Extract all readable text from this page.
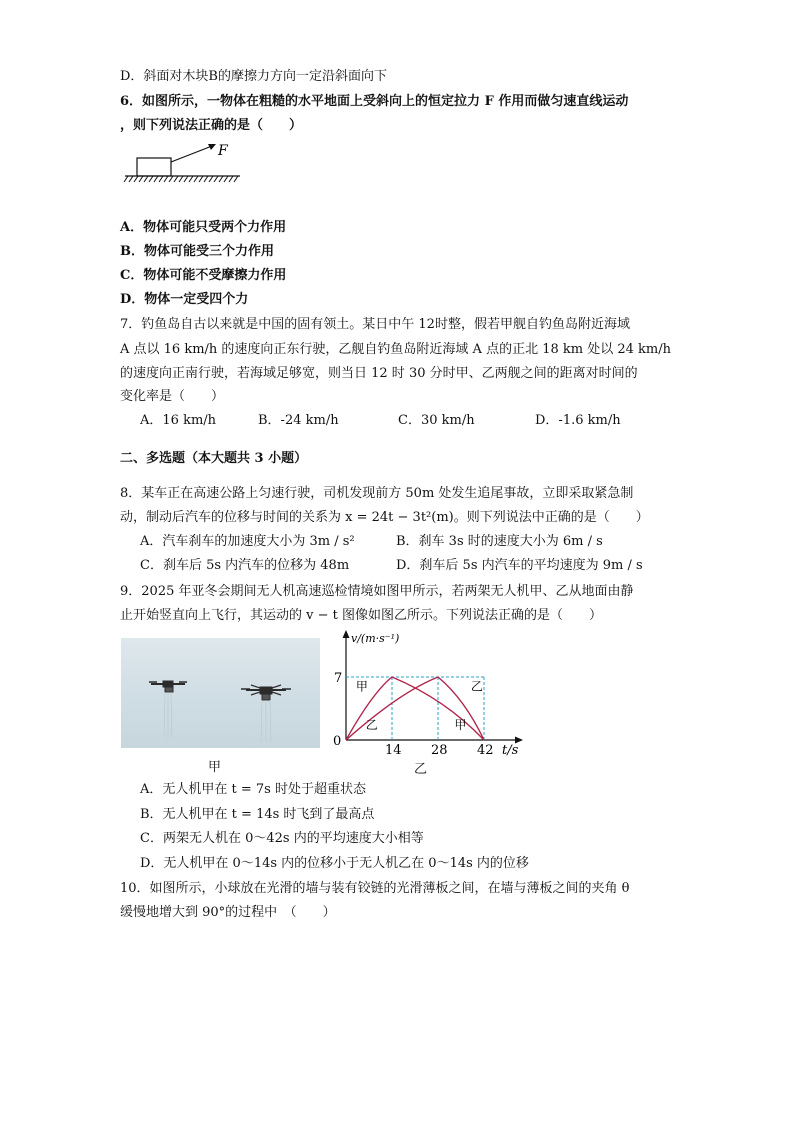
D．斜面对木块B的摩擦力方向一定沿斜面向下
6．如图所示，一物体在粗糙的水平地面上受斜向上的恒定拉力 F 作用而做匀速直线运动
，则下列说法正确的是（　　）
F
A．物体可能只受两个力作用
B．物体可能受三个力作用
C．物体可能不受摩擦力作用
D．物体一定受四个力
7．钓鱼岛自古以来就是中国的固有领土。某日中午 12时整，假若甲舰自钓鱼岛附近海域
A 点以 16 km/h 的速度向正东行驶，乙舰自钓鱼岛附近海域 A 点的正北 18 km 处以 24 km/h
的速度向正南行驶，若海域足够宽，则当日 12 时 30 分时甲、乙两舰之间的距离对时间的
变化率是（　　）
A．16 km/h	B．-24 km/h	C．30 km/h	D．-1.6 km/h
二、多选题（本大题共 3 小题）
8．某车正在高速公路上匀速行驶，司机发现前方 50m 处发生追尾事故，立即采取紧急制
动，制动后汽车的位移与时间的关系为 x = 24t − 3t²(m)。则下列说法中正确的是（　　）
A．汽车刹车的加速度大小为 3m / s²	B．刹车 3s 时的速度大小为 6m / s
C．刹车后 5s 内汽车的位移为 48m	D．刹车后 5s 内汽车的平均速度为 9m / s
9．2025 年亚冬会期间无人机高速巡检情境如图甲所示，若两架无人机甲、乙从地面由静
止开始竖直向上飞行，其运动的 v − t 图像如图乙所示。下列说法正确的是（　　）
甲
14 28 42
7
v/(m·s⁻¹)
t/s
0
甲	乙
乙	甲
乙
A．无人机甲在 t = 7s 时处于超重状态
B．无人机甲在 t = 14s 时飞到了最高点
C．两架无人机在 0～42s 内的平均速度大小相等
D．无人机甲在 0～14s 内的位移小于无人机乙在 0～14s 内的位移
10．如图所示，小球放在光滑的墙与装有铰链的光滑薄板之间，在墙与薄板之间的夹角 θ
缓慢地增大到 90°的过程中　（　　）
